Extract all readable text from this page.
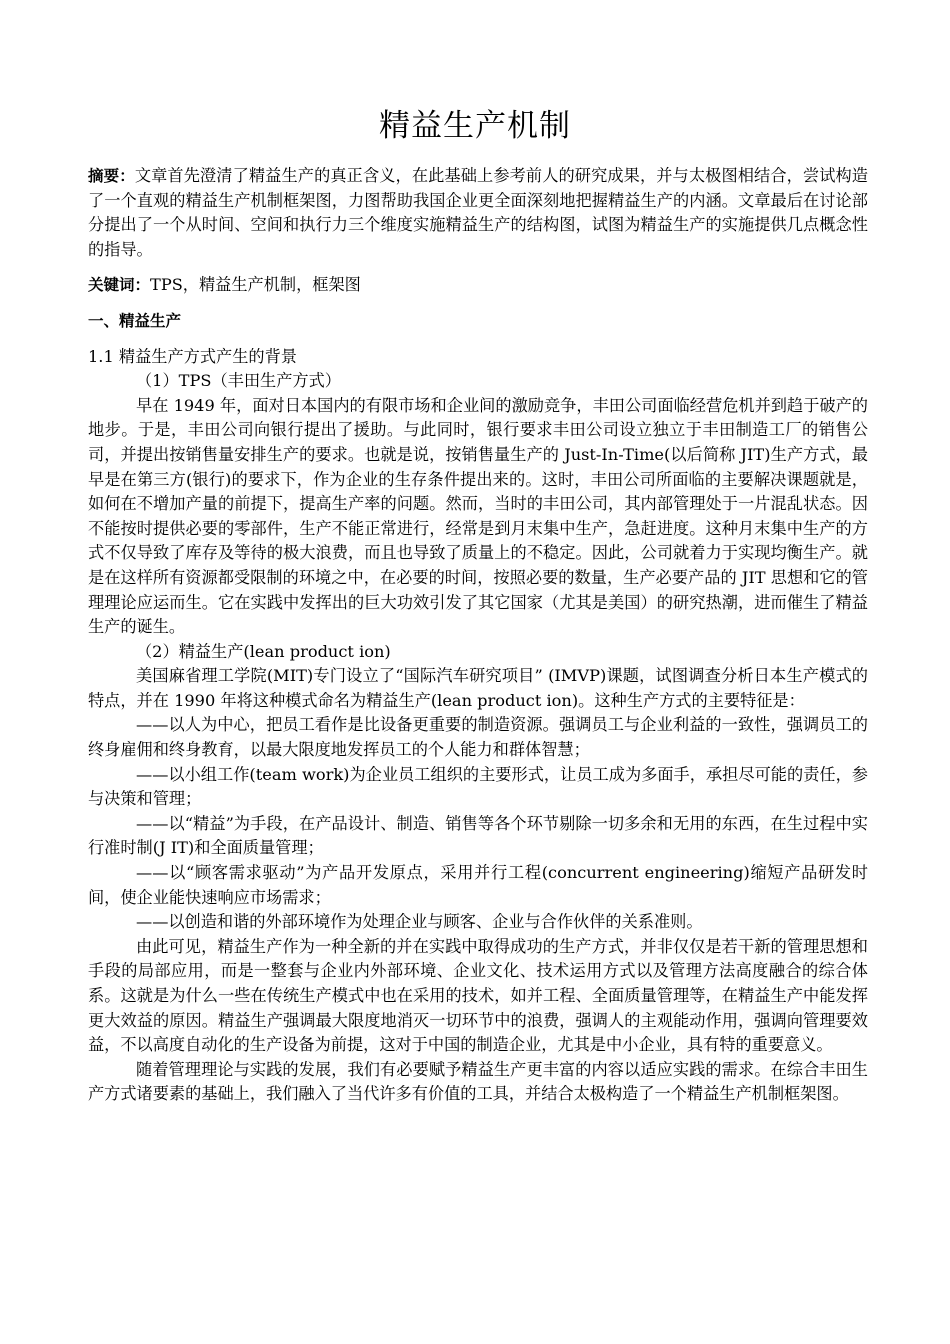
精益生产机制

摘要：文章首先澄清了精益生产的真正含义，在此基础上参考前人的研究成果，并与太极图相结合，尝试构造了一个直观的精益生产机制框架图，力图帮助我国企业更全面深刻地把握精益生产的内涵。文章最后在讨论部分提出了一个从时间、空间和执行力三个维度实施精益生产的结构图，试图为精益生产的实施提供几点概念性的指导。

关键词：TPS，精益生产机制，框架图

一、精益生产

1.1 精益生产方式产生的背景

（1）TPS（丰田生产方式）

早在 1949 年，面对日本国内的有限市场和企业间的激励竞争，丰田公司面临经营危机并到趋于破产的地步。于是，丰田公司向银行提出了援助。与此同时，银行要求丰田公司设立独立于丰田制造工厂的销售公司，并提出按销售量安排生产的要求。也就是说，按销售量生产的 Just-In-Time(以后简称 JIT)生产方式，最早是在第三方(银行)的要求下，作为企业的生存条件提出来的。这时，丰田公司所面临的主要解决课题就是，如何在不增加产量的前提下，提高生产率的问题。然而，当时的丰田公司，其内部管理处于一片混乱状态。因不能按时提供必要的零部件，生产不能正常进行，经常是到月末集中生产，急赶进度。这种月末集中生产的方式不仅导致了库存及等待的极大浪费，而且也导致了质量上的不稳定。因此，公司就着力于实现均衡生产。就是在这样所有资源都受限制的环境之中，在必要的时间，按照必要的数量，生产必要产品的 JIT 思想和它的管理理论应运而生。它在实践中发挥出的巨大功效引发了其它国家（尤其是美国）的研究热潮，进而催生了精益生产的诞生。

（2）精益生产(lean product ion)

美国麻省理工学院(MIT)专门设立了“国际汽车研究项目” (IMVP)课题，试图调查分析日本生产模式的特点，并在 1990 年将这种模式命名为精益生产(lean product ion)。这种生产方式的主要特征是：

——以人为中心，把员工看作是比设备更重要的制造资源。强调员工与企业利益的一致性，强调员工的终身雇佣和终身教育，以最大限度地发挥员工的个人能力和群体智慧；

——以小组工作(team work)为企业员工组织的主要形式，让员工成为多面手，承担尽可能的责任，参与决策和管理；

——以“精益”为手段，在产品设计、制造、销售等各个环节剔除一切多余和无用的东西，在生过程中实行准时制(J IT)和全面质量管理；

——以“顾客需求驱动”为产品开发原点，采用并行工程(concurrent engineering)缩短产品研发时间，使企业能快速响应市场需求；

——以创造和谐的外部环境作为处理企业与顾客、企业与合作伙伴的关系准则。

由此可见，精益生产作为一种全新的并在实践中取得成功的生产方式，并非仅仅是若干新的管理思想和手段的局部应用，而是一整套与企业内外部环境、企业文化、技术运用方式以及管理方法高度融合的综合体系。这就是为什么一些在传统生产模式中也在采用的技术，如并工程、全面质量管理等，在精益生产中能发挥更大效益的原因。精益生产强调最大限度地消灭一切环节中的浪费，强调人的主观能动作用，强调向管理要效益，不以高度自动化的生产设备为前提，这对于中国的制造企业，尤其是中小企业，具有特的重要意义。

随着管理理论与实践的发展，我们有必要赋予精益生产更丰富的内容以适应实践的需求。在综合丰田生产方式诸要素的基础上，我们融入了当代许多有价值的工具，并结合太极构造了一个精益生产机制框架图。
